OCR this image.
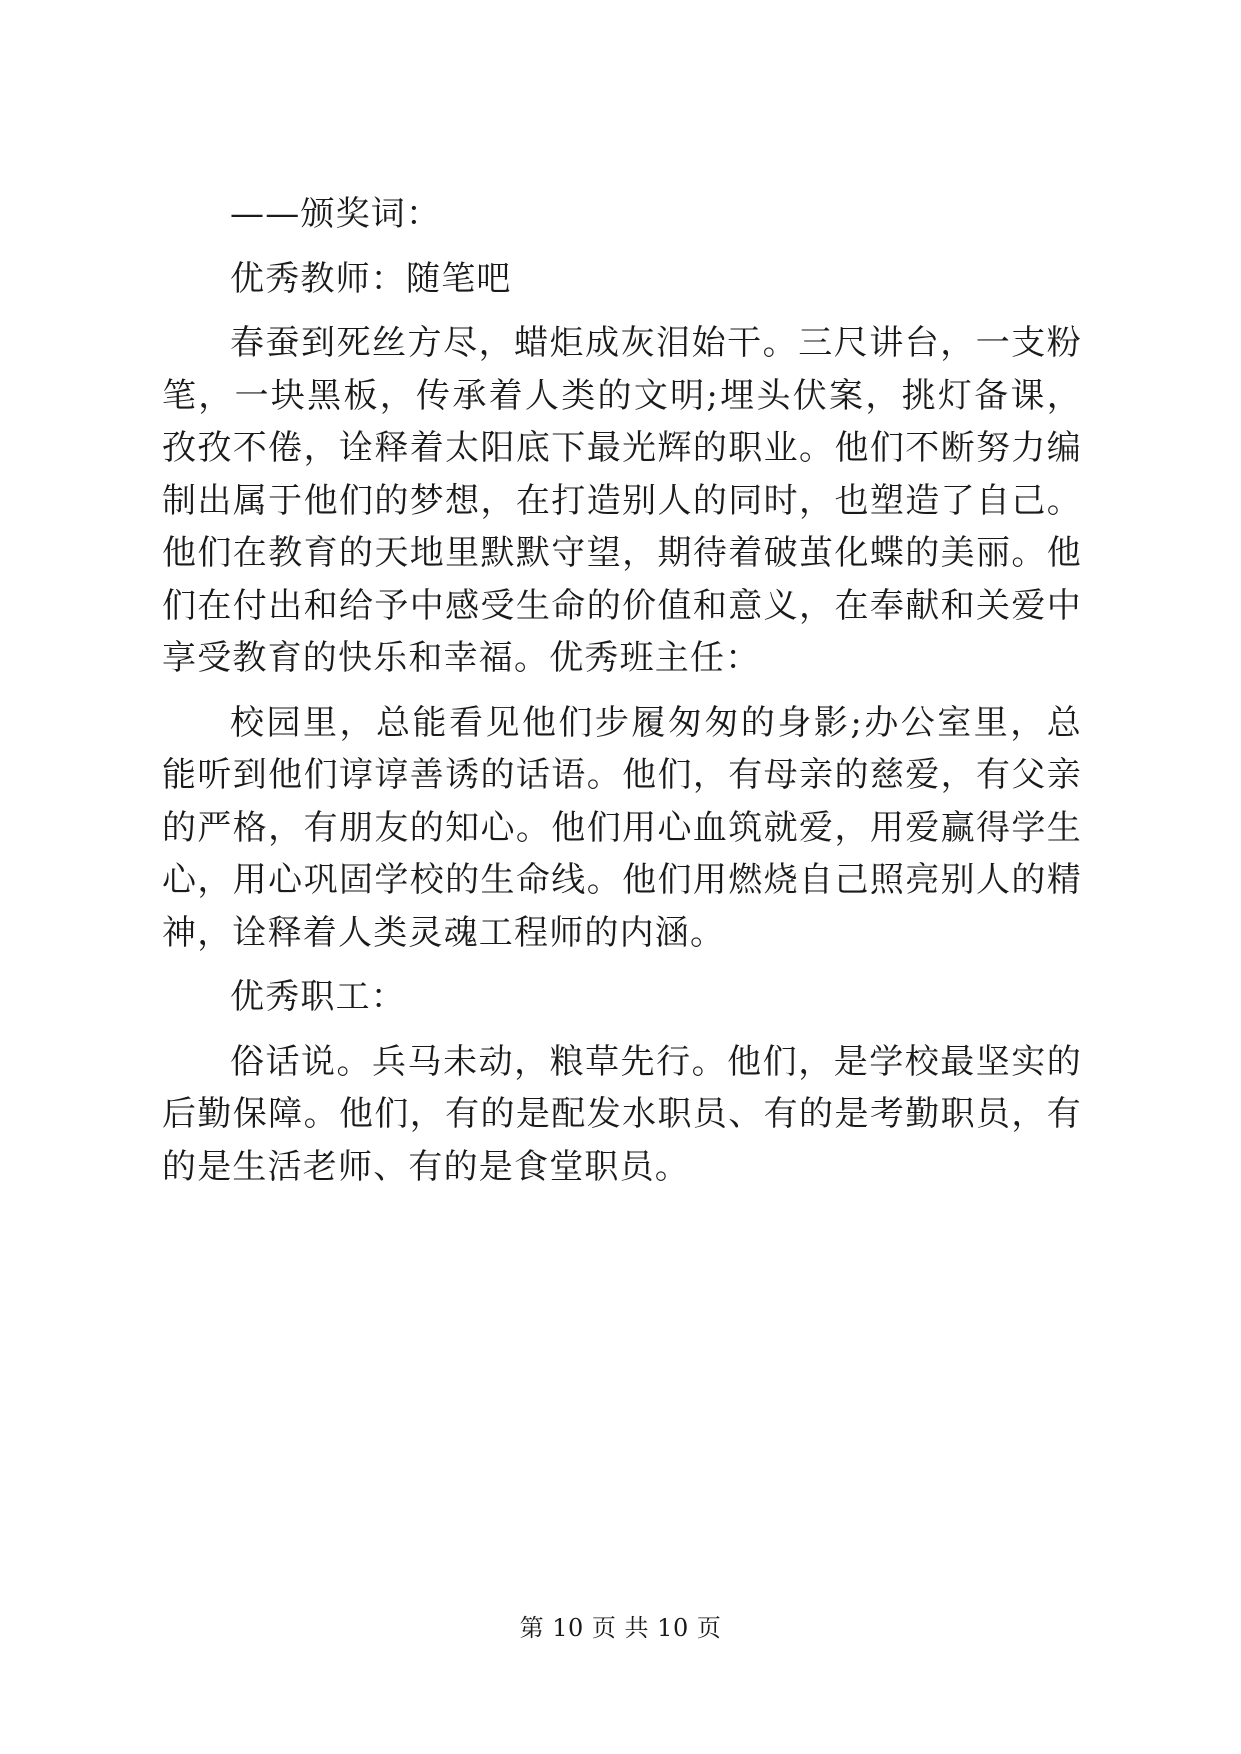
——颁奖词：

优秀教师：随笔吧

春蚕到死丝方尽，蜡炬成灰泪始干。三尺讲台，一支粉笔，一块黑板，传承着人类的文明;埋头伏案，挑灯备课，孜孜不倦，诠释着太阳底下最光辉的职业。他们不断努力编制出属于他们的梦想，在打造别人的同时，也塑造了自己。他们在教育的天地里默默守望，期待着破茧化蝶的美丽。他们在付出和给予中感受生命的价值和意义，在奉献和关爱中享受教育的快乐和幸福。优秀班主任：

校园里，总能看见他们步履匆匆的身影;办公室里，总能听到他们谆谆善诱的话语。他们，有母亲的慈爱，有父亲的严格，有朋友的知心。他们用心血筑就爱，用爱赢得学生心，用心巩固学校的生命线。他们用燃烧自己照亮别人的精神，诠释着人类灵魂工程师的内涵。

优秀职工：

俗话说。兵马未动，粮草先行。他们，是学校最坚实的后勤保障。他们，有的是配发水职员、有的是考勤职员，有的是生活老师、有的是食堂职员。

第 10 页 共 10 页
